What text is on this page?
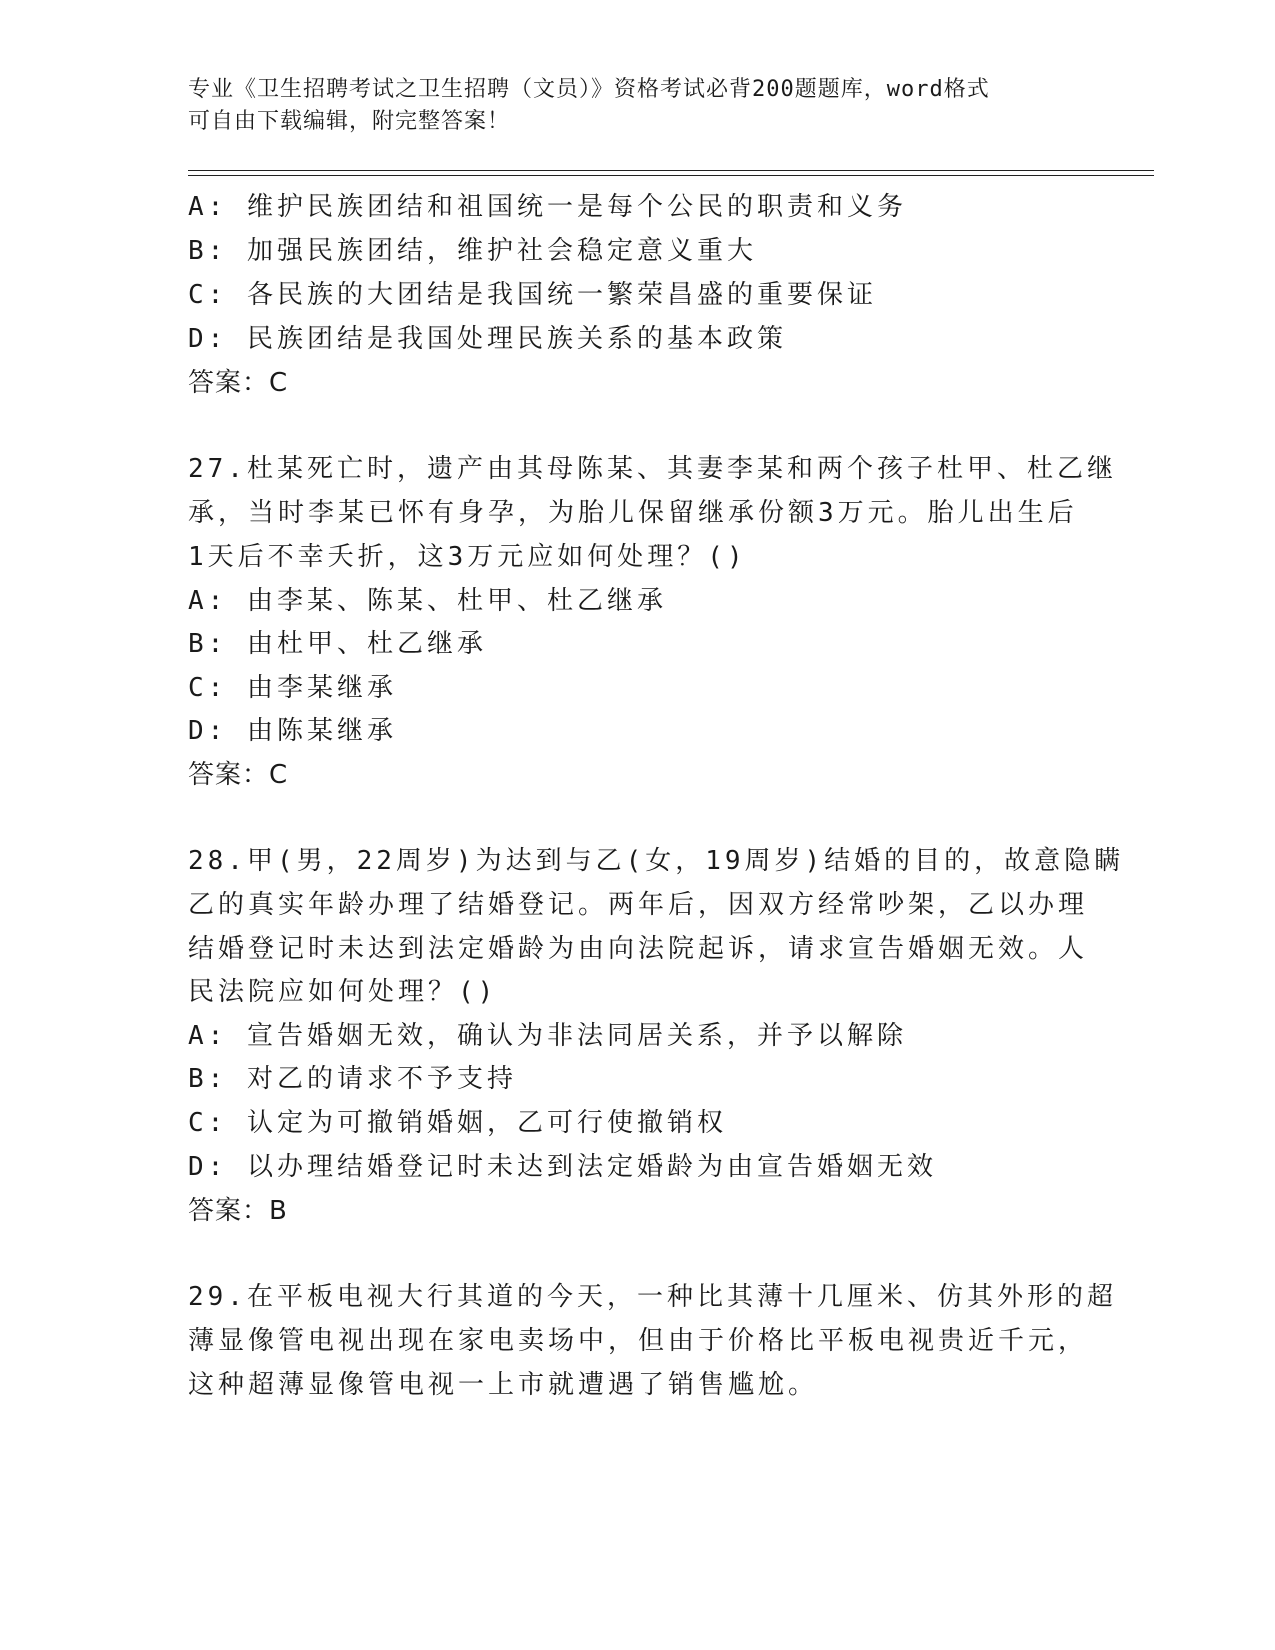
专业《卫生招聘考试之卫生招聘（文员）》资格考试必背200题题库，word格式
可自由下载编辑，附完整答案！
A: 维护民族团结和祖国统一是每个公民的职责和义务
B: 加强民族团结，维护社会稳定意义重大
C: 各民族的大团结是我国统一繁荣昌盛的重要保证
D: 民族团结是我国处理民族关系的基本政策
答案：C
27.杜某死亡时，遗产由其母陈某、其妻李某和两个孩子杜甲、杜乙继
承，当时李某已怀有身孕，为胎儿保留继承份额3万元。胎儿出生后
1天后不幸夭折，这3万元应如何处理？()
A: 由李某、陈某、杜甲、杜乙继承
B: 由杜甲、杜乙继承
C: 由李某继承
D: 由陈某继承
答案：C
28.甲(男，22周岁)为达到与乙(女，19周岁)结婚的目的，故意隐瞒
乙的真实年龄办理了结婚登记。两年后，因双方经常吵架，乙以办理
结婚登记时未达到法定婚龄为由向法院起诉，请求宣告婚姻无效。人
民法院应如何处理？()
A: 宣告婚姻无效，确认为非法同居关系，并予以解除
B: 对乙的请求不予支持
C: 认定为可撤销婚姻，乙可行使撤销权
D: 以办理结婚登记时未达到法定婚龄为由宣告婚姻无效
答案：B
29.在平板电视大行其道的今天，一种比其薄十几厘米、仿其外形的超
薄显像管电视出现在家电卖场中，但由于价格比平板电视贵近千元，
这种超薄显像管电视一上市就遭遇了销售尴尬。
